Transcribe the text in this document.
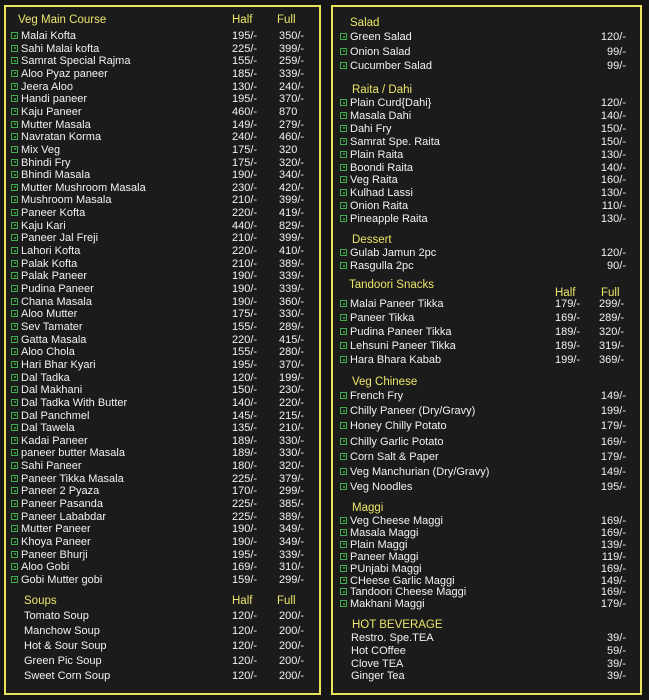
Veg Main Course	Half Full
Malai Kofta	195/- 350/-
Sahi Malai kofta	225/- 399/-
Samrat Special Rajma	155/- 259/-
Aloo Pyaz paneer	185/- 339/-
Jeera Aloo	130/- 240/-
Handi paneer	195/- 370/-
Kaju Paneer	460/- 870
Mutter Masala	149/- 279/-
Navratan Korma	240/- 460/-
Mix Veg	175/- 320
Bhindi Fry	175/- 320/-
Bhindi Masala	190/- 340/-
Mutter Mushroom Masala	230/- 420/-
Mushroom Masala	210/- 399/-
Paneer Kofta	220/- 419/-
Kaju Kari	440/- 829/-
Paneer Jal Freji	210/- 399/-
Lahori Kofta	220/- 410/-
Palak Kofta	210/- 389/-
Palak Paneer	190/- 339/-
Pudina Paneer	190/- 339/-
Chana Masala	190/- 360/-
Aloo Mutter	175/- 330/-
Sev Tamater	155/- 289/-
Gatta Masala	220/- 415/-
Aloo Chola	155/- 280/-
Hari Bhar Kyari	195/- 370/-
Dal Tadka	120/- 199/-
Dal Makhani	150/- 230/-
Dal Tadka With Butter	140/- 220/-
Dal Panchmel	145/- 215/-
Dal Tawela	135/- 210/-
Kadai Paneer	189/- 330/-
paneer butter Masala	189/- 330/-
Sahi Paneer	180/- 320/-
Paneer Tikka Masala	225/- 379/-
Paneer 2 Pyaza	170/- 299/-
Paneer Pasanda	225/- 385/-
Paneer Lababdar	225/- 389/-
Mutter Paneer	190/- 349/-
Khoya Paneer	190/- 349/-
Paneer Bhurji	195/- 339/-
Aloo Gobi	169/- 310/-
Gobi Mutter gobi	159/- 299/-
Soups	Half Full
Tomato Soup	120/- 200/-
Manchow Soup	120/- 200/-
Hot & Sour Soup	120/- 200/-
Green Pic Soup	120/- 200/-
Sweet Corn Soup	120/- 200/-
Salad
Green Salad	120/-
Onion Salad	99/-
Cucumber Salad	99/-
Raita / Dahi
Plain Curd{Dahi}	120/-
Masala Dahi	140/-
Dahi Fry	150/-
Samrat Spe. Raita	150/-
Plain Raita	130/-
Boondi Raita	140/-
Veg Raita	160/-
Kulhad Lassi	130/-
Onion Raita	110/-
Pineapple Raita	130/-
Dessert
Gulab Jamun 2pc	120/-
Rasgulla 2pc	90/-
Tandoori Snacks
Half Full
Malai Paneer Tikka	179/- 299/-
Paneer Tikka	169/- 289/-
Pudina Paneer Tikka	189/- 320/-
Lehsuni Paneer Tikka	189/- 319/-
Hara Bhara Kabab	199/- 369/-
Veg Chinese
French Fry	149/-
Chilly Paneer (Dry/Gravy)	199/-
Honey Chilly Potato	179/-
Chilly Garlic Potato	169/-
Corn Salt & Paper	179/-
Veg Manchurian (Dry/Gravy)	149/-
Veg Noodles	195/-
Maggi
Veg Cheese Maggi	169/-
Masala Maggi	169/-
Plain Maggi	139/-
Paneer Maggi	119/-
PUnjabi Maggi	169/-
CHeese Garlic Maggi	149/-
Tandoori Cheese Maggi	169/-
Makhani Maggi	179/-
HOT BEVERAGE
Restro. Spe.TEA	39/-
Hot COffee	59/-
Clove TEA	39/-
Ginger Tea	39/-
